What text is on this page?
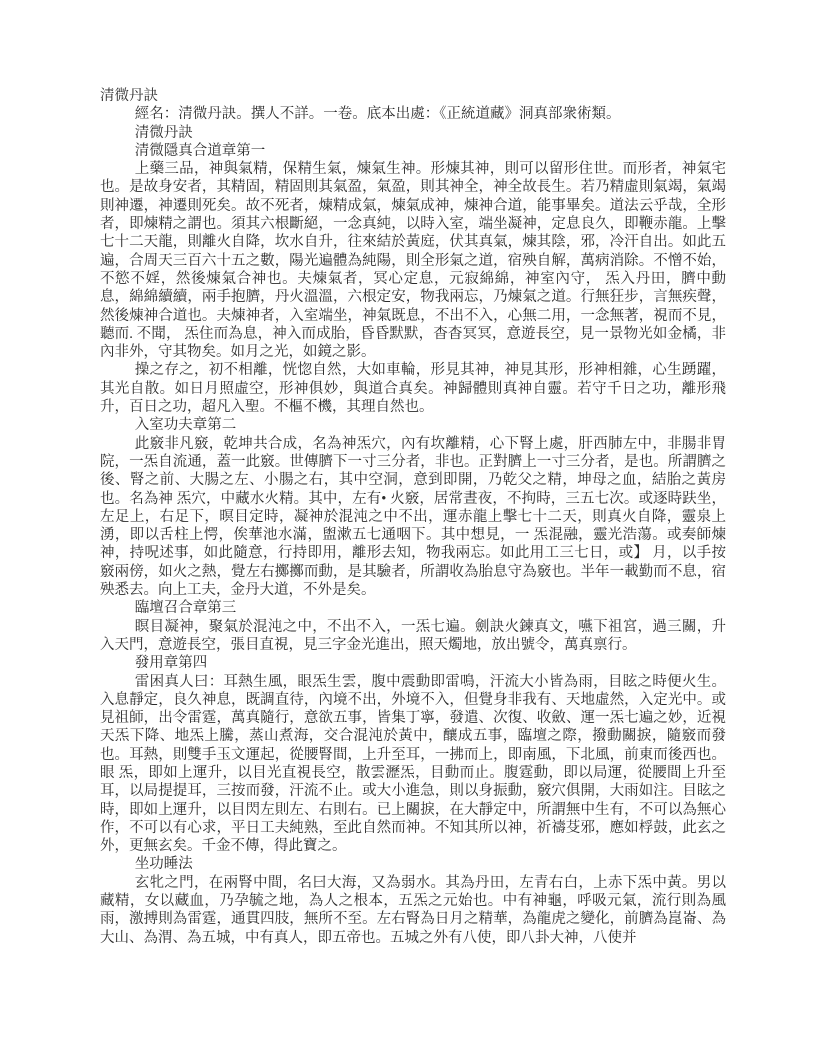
清微丹訣
經名：清微丹訣。撰人不詳。一卷。底本出處：《正統道藏》洞真部衆術類。
清微丹訣
清微隱真合道章第一
上藥三品，神與氣精，保精生氣，煉氣生神。形煉其神，則可以留形住世。而形者，神氣宅也。是故身安者，其精固，精固則其氣盈，氣盈，則其神全，神全故長生。若乃精虛則氣竭，氣竭則神遷，神遷則死矣。故不死者，煉精成氣，煉氣成神，煉神合道，能事畢矣。道法云乎哉，全形者，即煉精之謂也。須其六根斷絕，一念真純，以時入室，端坐凝神，定息良久，即鞭赤龍。上擊七十二天龍，則離火自降，坎水自升，往來結於黃庭，伏其真氣，煉其陰，邪，冷汗自出。如此五遍，合周天三百六十五之數，陽光遍體為純陽，則全形氣之道，宿殃自解，萬病消除。不憎不始，不慾不婬，然後煉氣合神也。夫煉氣者，冥心定息，元寂綿綿，神室內守， 炁入丹田，臍中動息，綿綿續續，兩手抱臍，丹火溫溫，六根定安，物我兩忘，乃煉氣之道。行無狂步，言無疾聲，然後煉神合道也。夫煉神者，入室端坐，神氣既息，不出不入，心無二用，一念無著，視而不見，聽而. 不聞， 炁住而為息，神入而成胎，昏昏默默，杳杳冥冥，意遊長空，見一景物光如金橘，非內非外，守其物矣。如月之光，如鏡之影。
操之存之，初不相離，恍惚自然，大如車輪，形見其神，神見其形，形神相雜，心生踴躍，其光自散。如日月照虛空，形神俱妙，與道合真矣。神歸體則真神自靈。若守千日之功，離形飛升，百日之功，超凡入聖。不樞不機，其理自然也。
入室功夫章第二
此竅非凡竅，乾坤共合成，名為神炁穴，內有坎離精，心下腎上處，肝西肺左中，非腸非胃院，一炁自流通，蓋一此竅。世傳臍下一寸三分者，非也。正對臍上一寸三分者，是也。所謂臍之後、腎之前、大腸之左、小腸之右，其中空洞，意到即開，乃乾父之精，坤母之血，結胎之黃房也。名為神 炁穴，中藏水火精。其中，左有• 火竅，居常晝夜，不拘時，三五七次。或逐時趺坐，左足上，右足下，暝目定時，凝神於混沌之中不出，運赤龍上擊七十二天，則真火自降，靈泉上湧，即以舌柱上愕，俟華池水滿，盥漱五七通咽下。其中想見，一 炁混融，靈光浩蕩。或奏師煉神，持呪述事，如此隨意，行持即用，離形去知，物我兩忘。如此用工三七日，或】 月，以手按竅兩傍，如火之熱，覺左右擲擲而動，是其驗者，所謂收為胎息守為竅也。半年一載勤而不息，宿殃悉去。向上工夫，金丹大道，不外是矣。
臨壇召合章第三
瞑目凝神，聚氣於混沌之中，不出不入，一炁七遍。劍訣火鍊真文，嚥下祖宮，過三關，升入天門，意遊長空，張目直視，見三字金光進出，照天燭地，放出號令，萬真禀行。
發用章第四
雷困真人曰：耳熱生風，眼炁生雲，腹中震動即雷鳴，汗流大小皆為雨，目眩之時便火生。入息靜定，良久神息，既調直待，內境不出，外境不入，但覺身非我有、天地虛然，入定光中。或見祖師，出令雷霆，萬真隨行，意欲五事，皆集丁寧，發遣、次復、收斂、運一炁七遍之妙，近視天炁下降、地炁上騰，蒸山煮海，交合混沌於黃中，釀成五事，臨壇之際，撥動關捩，隨竅而發也。耳熱，則雙手玉文運起，從腰腎間，上升至耳，一拂而上，即南風，下北風，前東而後西也。眼 炁，即如上運升，以目光直視長空，散雲瀝炁，目動而止。腹霆動，即以局運，從腰間上升至耳，以局提提耳，三按而發，汗流不止。或大小進急，則以身振動，竅穴俱開，大雨如注。目眩之時，即如上運升，以目閃左則左、右則右。已上關捩，在大靜定中，所謂無中生有，不可以為無心作，不可以有心求，平日工夫純熟，至此自然而神。不知其所以神，祈禱芟邪，應如桴鼓，此玄之外，更無玄矣。千金不傳，得此寶之。
坐功睡法
玄牝之門，在兩腎中間，名曰大海，又為弱水。其為丹田，左青右白，上赤下炁中黃。男以藏精，女以藏血，乃孕毓之地，為人之根本，五炁之元始也。中有神龜，呼吸元氣，流行則為風雨，激搏則為雷霆，通貫四肢，無所不至。左右腎為日月之精華，為龍虎之變化，前臍為崑崙、為大山、為渭、為五城，中有真人，即五帝也。五城之外有八使，即八卦大神，八使并
